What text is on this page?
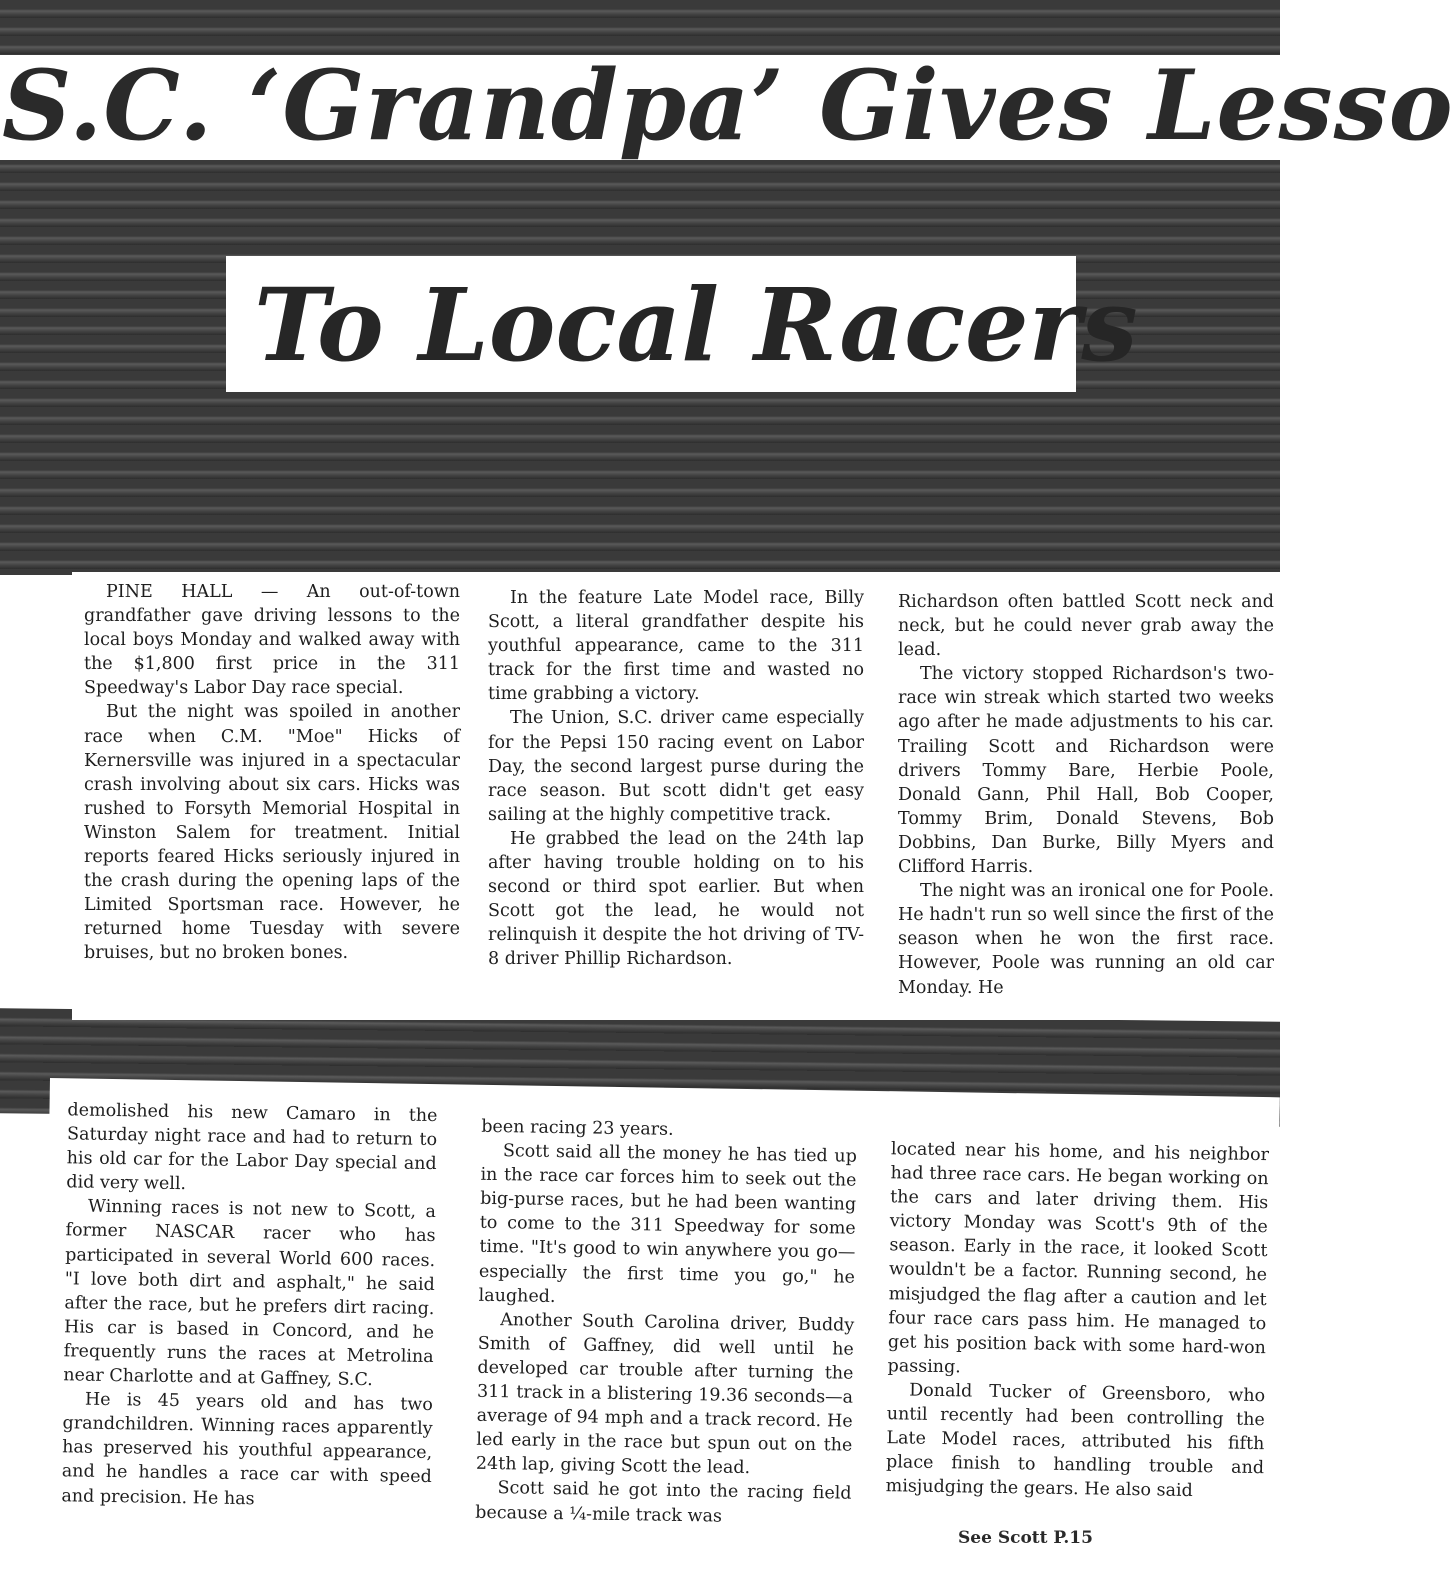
S.C. ‘Grandpa’ Gives Lesso
To Local Racers

PINE HALL — An out-of-town grandfather gave driving lessons to the local boys Monday and walked away with the $1,800 first price in the 311 Speedway's Labor Day race special.

But the night was spoiled in another race when C.M. "Moe" Hicks of Kernersville was injured in a spectacular crash involving about six cars. Hicks was rushed to Forsyth Memorial Hospital in Winston Salem for treatment. Initial reports feared Hicks seriously injured in the crash during the opening laps of the Limited Sportsman race. However, he returned home Tuesday with severe bruises, but no broken bones.

In the feature Late Model race, Billy Scott, a literal grandfather despite his youthful appearance, came to the 311 track for the first time and wasted no time grabbing a victory.

The Union, S.C. driver came especially for the Pepsi 150 racing event on Labor Day, the second largest purse during the race season. But scott didn't get easy sailing at the highly competitive track.

He grabbed the lead on the 24th lap after having trouble holding on to his second or third spot earlier. But when Scott got the lead, he would not relinquish it despite the hot driving of TV-8 driver Phillip Richardson.

Richardson often battled Scott neck and neck, but he could never grab away the lead.

The victory stopped Richardson's two-race win streak which started two weeks ago after he made adjustments to his car. Trailing Scott and Richardson were drivers Tommy Bare, Herbie Poole, Donald Gann, Phil Hall, Bob Cooper, Tommy Brim, Donald Stevens, Bob Dobbins, Dan Burke, Billy Myers and Clifford Harris.

The night was an ironical one for Poole. He hadn't run so well since the first of the season when he won the first race. However, Poole was running an old car Monday. He

demolished his new Camaro in the Saturday night race and had to return to his old car for the Labor Day special and did very well.

Winning races is not new to Scott, a former NASCAR racer who has participated in several World 600 races. "I love both dirt and asphalt," he said after the race, but he prefers dirt racing. His car is based in Concord, and he frequently runs the races at Metrolina near Charlotte and at Gaffney, S.C.

He is 45 years old and has two grandchildren. Winning races apparently has preserved his youthful appearance, and he handles a race car with speed and precision. He has

been racing 23 years.

Scott said all the money he has tied up in the race car forces him to seek out the big-purse races, but he had been wanting to come to the 311 Speedway for some time. "It's good to win anywhere you go—especially the first time you go," he laughed.

Another South Carolina driver, Buddy Smith of Gaffney, did well until he developed car trouble after turning the 311 track in a blistering 19.36 seconds—a average of 94 mph and a track record. He led early in the race but spun out on the 24th lap, giving Scott the lead.

Scott said he got into the racing field because a ¼-mile track was

located near his home, and his neighbor had three race cars. He began working on the cars and later driving them. His victory Monday was Scott's 9th of the season. Early in the race, it looked Scott wouldn't be a factor. Running second, he misjudged the flag after a caution and let four race cars pass him. He managed to get his position back with some hard-won passing.

Donald Tucker of Greensboro, who until recently had been controlling the Late Model races, attributed his fifth place finish to handling trouble and misjudging the gears. He also said

See Scott P.15
